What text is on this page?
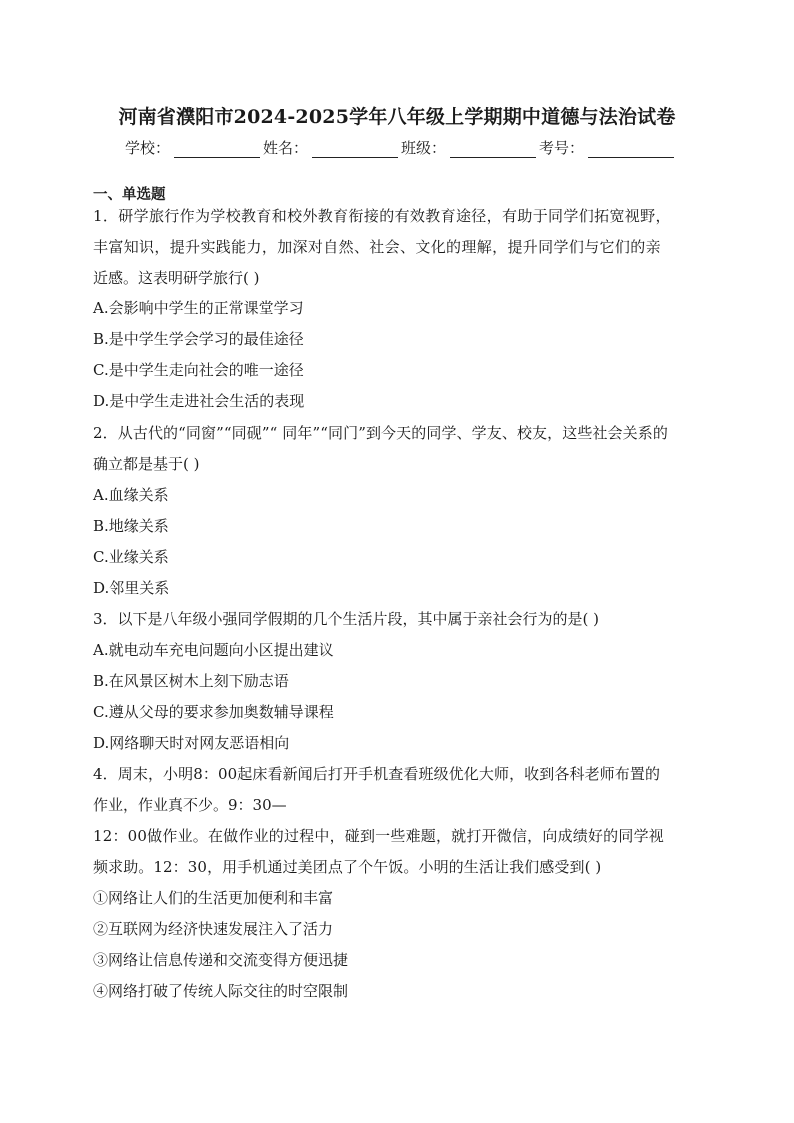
河南省濮阳市2024-2025学年八年级上学期期中道德与法治试卷
学校：	姓名：	班级：	考号：
一、单选题
1．研学旅行作为学校教育和校外教育衔接的有效教育途径，有助于同学们拓宽视野，
丰富知识，提升实践能力，加深对自然、社会、文化的理解，提升同学们与它们的亲
近感。这表明研学旅行( )
A.会影响中学生的正常课堂学习
B.是中学生学会学习的最佳途径
C.是中学生走向社会的唯一途径
D.是中学生走进社会生活的表现
2．从古代的“同窗”“同砚”“ 同年”“同门”到今天的同学、学友、校友，这些社会关系的
确立都是基于( )
A.血缘关系
B.地缘关系
C.业缘关系
D.邻里关系
3．以下是八年级小强同学假期的几个生活片段，其中属于亲社会行为的是( )
A.就电动车充电问题向小区提出建议
B.在风景区树木上刻下励志语
C.遵从父母的要求参加奥数辅导课程
D.网络聊天时对网友恶语相向
4．周末，小明8：00起床看新闻后打开手机查看班级优化大师，收到各科老师布置的
作业，作业真不少。9：30—
12：00做作业。在做作业的过程中，碰到一些难题，就打开微信，向成绩好的同学视
频求助。12：30，用手机通过美团点了个午饭。小明的生活让我们感受到( )
①网络让人们的生活更加便利和丰富
②互联网为经济快速发展注入了活力
③网络让信息传递和交流变得方便迅捷
④网络打破了传统人际交往的时空限制
